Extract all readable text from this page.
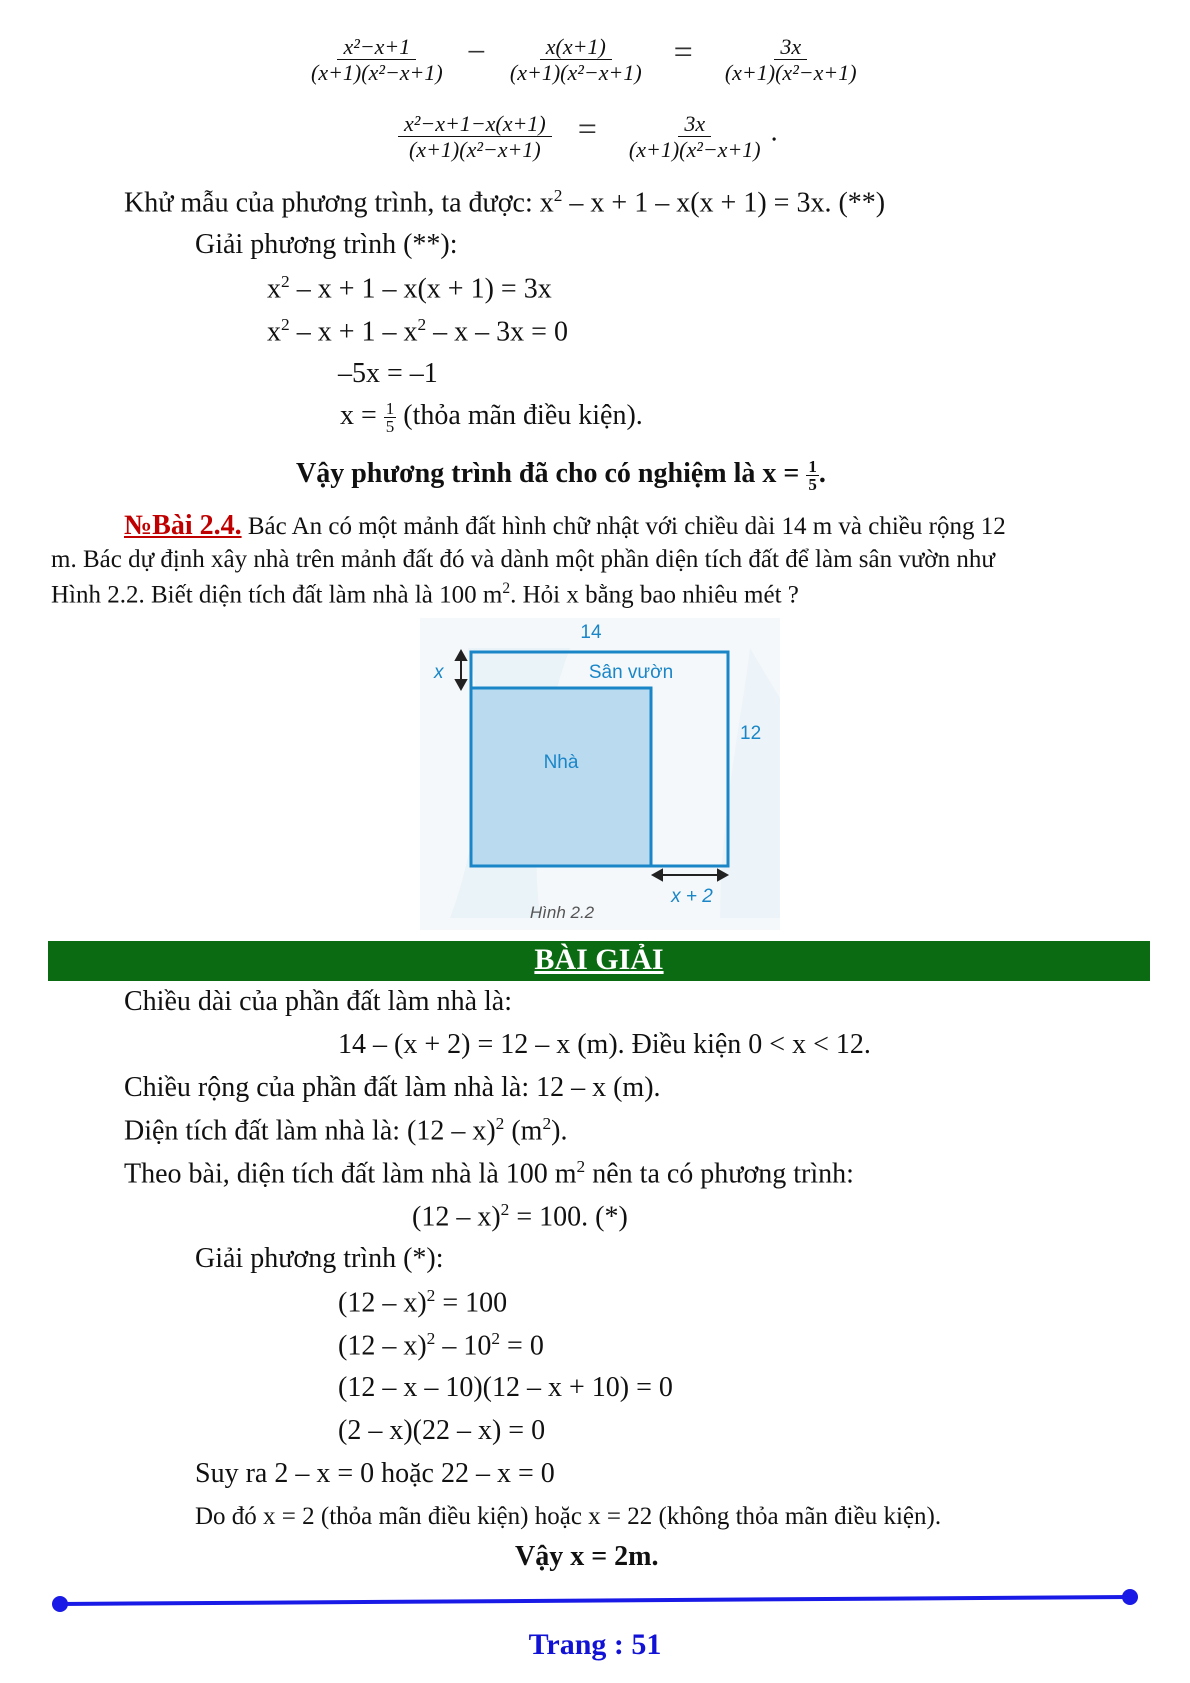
$\frac{\text{x²−x+1}}{\text{(x+1)(x²−x+1)}} - \frac{x(x+1)}{\text{(x+1)(x²−x+1)}} = \frac{3x}{\text{(x+1)(x²−x+1)}}$
$\frac{\text{x²−x+1−x(x+1)}}{\text{(x+1)(x²−x+1)}} = \frac{3x}{\text{(x+1)(x²−x+1)}}$ .
Khử mẫu của phương trình, ta được: $x^2 - x + 1 - x(x + 1) = 3x$. (**)
Giải phương trình (**):
$x^2 - x + 1 - x(x + 1) = 3x$
$x^2 - x + 1 - x^2 - x - 3x = 0$
–5x = –1
$x = \frac{1}{5}$ (thỏa mãn điều kiện).
Vậy phương trình đã cho có nghiệm là $x = \frac{1}{5}$ .
№Bài 2.4. Bác An có một mảnh đất hình chữ nhật với chiều dài 14 m và chiều rộng 12
m. Bác dự định xây nhà trên mảnh đất đó và dành một phần diện tích đất để làm sân vườn như
Hình 2.2. Biết diện tích đất làm nhà là 100 $m^2$. Hỏi x bằng bao nhiêu mét ?
14
Sân vườn
Nhà
12
x
x + 2
Hình 2.2
BÀI GIẢI
Chiều dài của phần đất làm nhà là:
14 – (x + 2) = 12 – x (m). Điều kiện 0 < x < 12.
Chiều rộng của phần đất làm nhà là: 12 – x (m).
Diện tích đất làm nhà là: (12 – x)$^2$ $(m^2)$.
Theo bài, diện tích đất làm nhà là 100 $m^2$ nên ta có phương trình:
(12 – x)$^2$ = 100. (*)
Giải phương trình (*):
(12 – x)$^2$ = 100
$(12 - x)^2 - 10^2 = 0$
(12 – x – 10)(12 – x + 10) = 0
(2 – x)(22 – x) = 0
Suy ra 2 – x = 0 hoặc 22 – x = 0
Do đó x = 2 (thỏa mãn điều kiện) hoặc x = 22 (không thỏa mãn điều kiện).
Vậy x = 2m.
Trang : 51
